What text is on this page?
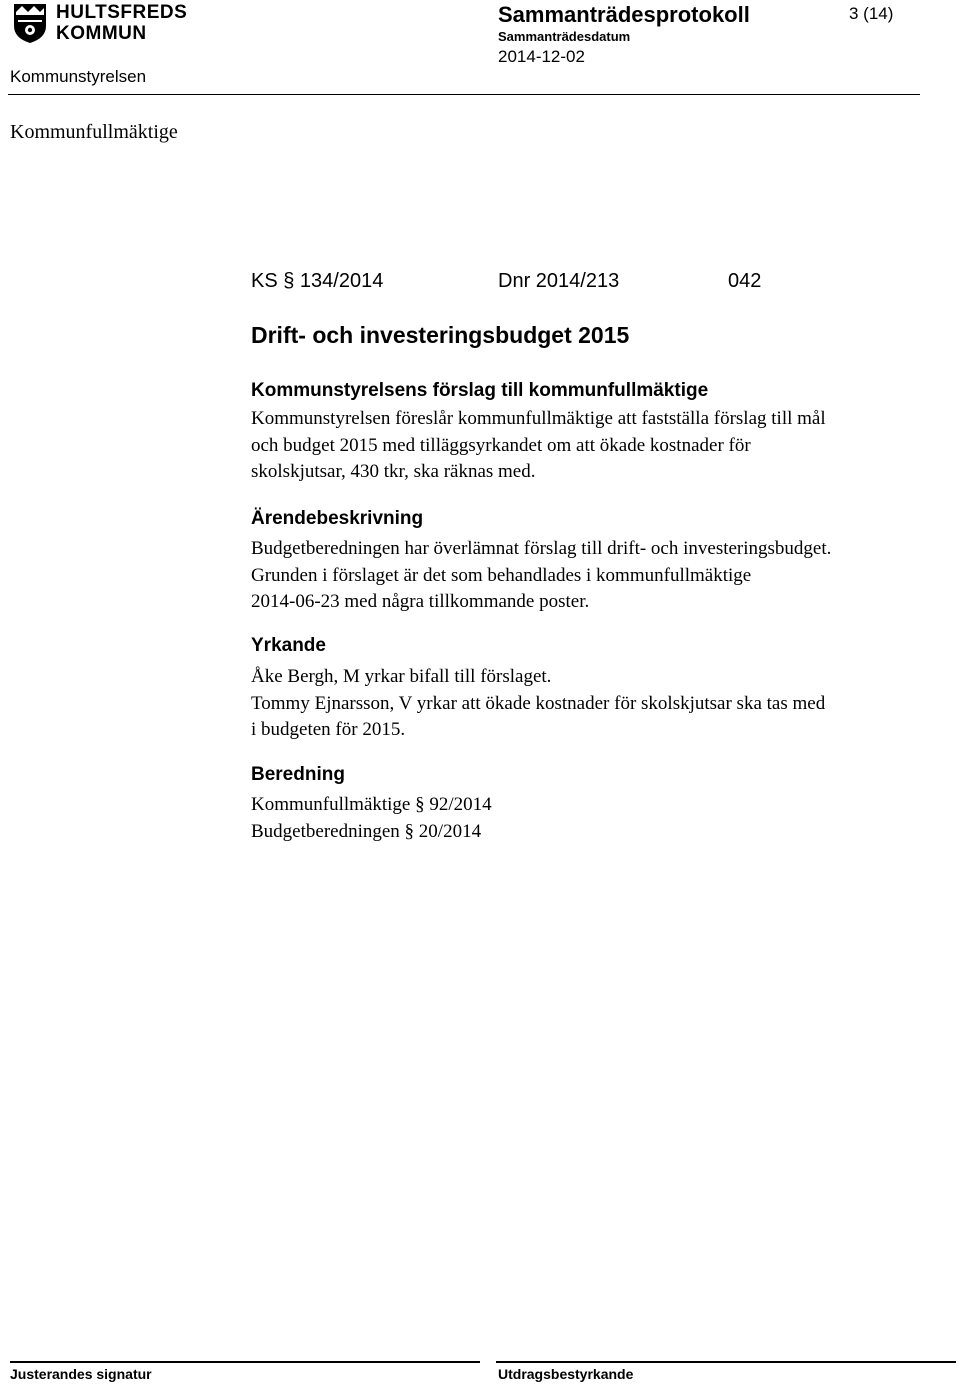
HULTSFREDS
KOMMUN
Sammanträdesprotokoll
Sammanträdesdatum
2014-12-02
3 (14)
Kommunstyrelsen
Kommunfullmäktige
KS § 134/2014	Dnr 2014/213	042
Drift- och investeringsbudget 2015
Kommunstyrelsens förslag till kommunfullmäktige
Kommunstyrelsen föreslår kommunfullmäktige att fastställa förslag till mål
och budget 2015 med tilläggsyrkandet om att ökade kostnader för
skolskjutsar, 430 tkr, ska räknas med.
Ärendebeskrivning
Budgetberedningen har överlämnat förslag till drift- och investeringsbudget.
Grunden i förslaget är det som behandlades i kommunfullmäktige
2014-06-23 med några tillkommande poster.
Yrkande
Åke Bergh, M yrkar bifall till förslaget.
Tommy Ejnarsson, V yrkar att ökade kostnader för skolskjutsar ska tas med
i budgeten för 2015.
Beredning
Kommunfullmäktige § 92/2014
Budgetberedningen § 20/2014
Justerandes signatur	Utdragsbestyrkande
